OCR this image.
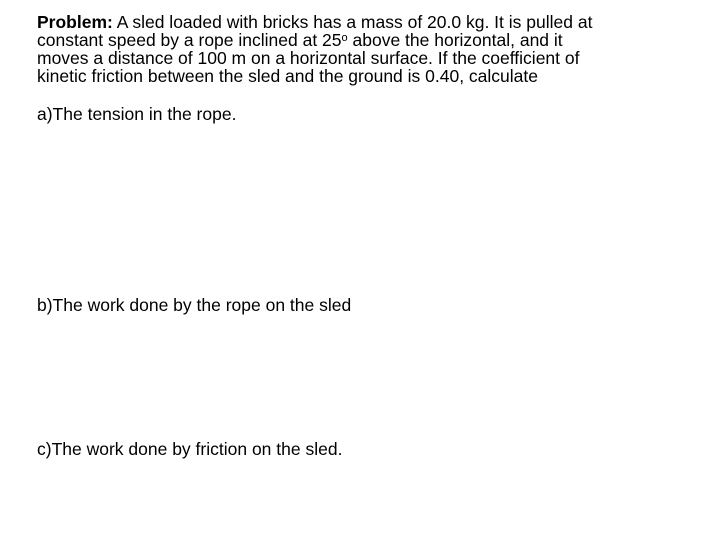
Problem: A sled loaded with bricks has a mass of 20.0 kg. It is pulled at
constant speed by a rope inclined at 25$^o$ above the horizontal, and it
moves a distance of 100 m on a horizontal surface. If the coefficient of
kinetic friction between the sled and the ground is 0.40, calculate
a)The tension in the rope.
b)The work done by the rope on the sled
c)The work done by friction on the sled.
